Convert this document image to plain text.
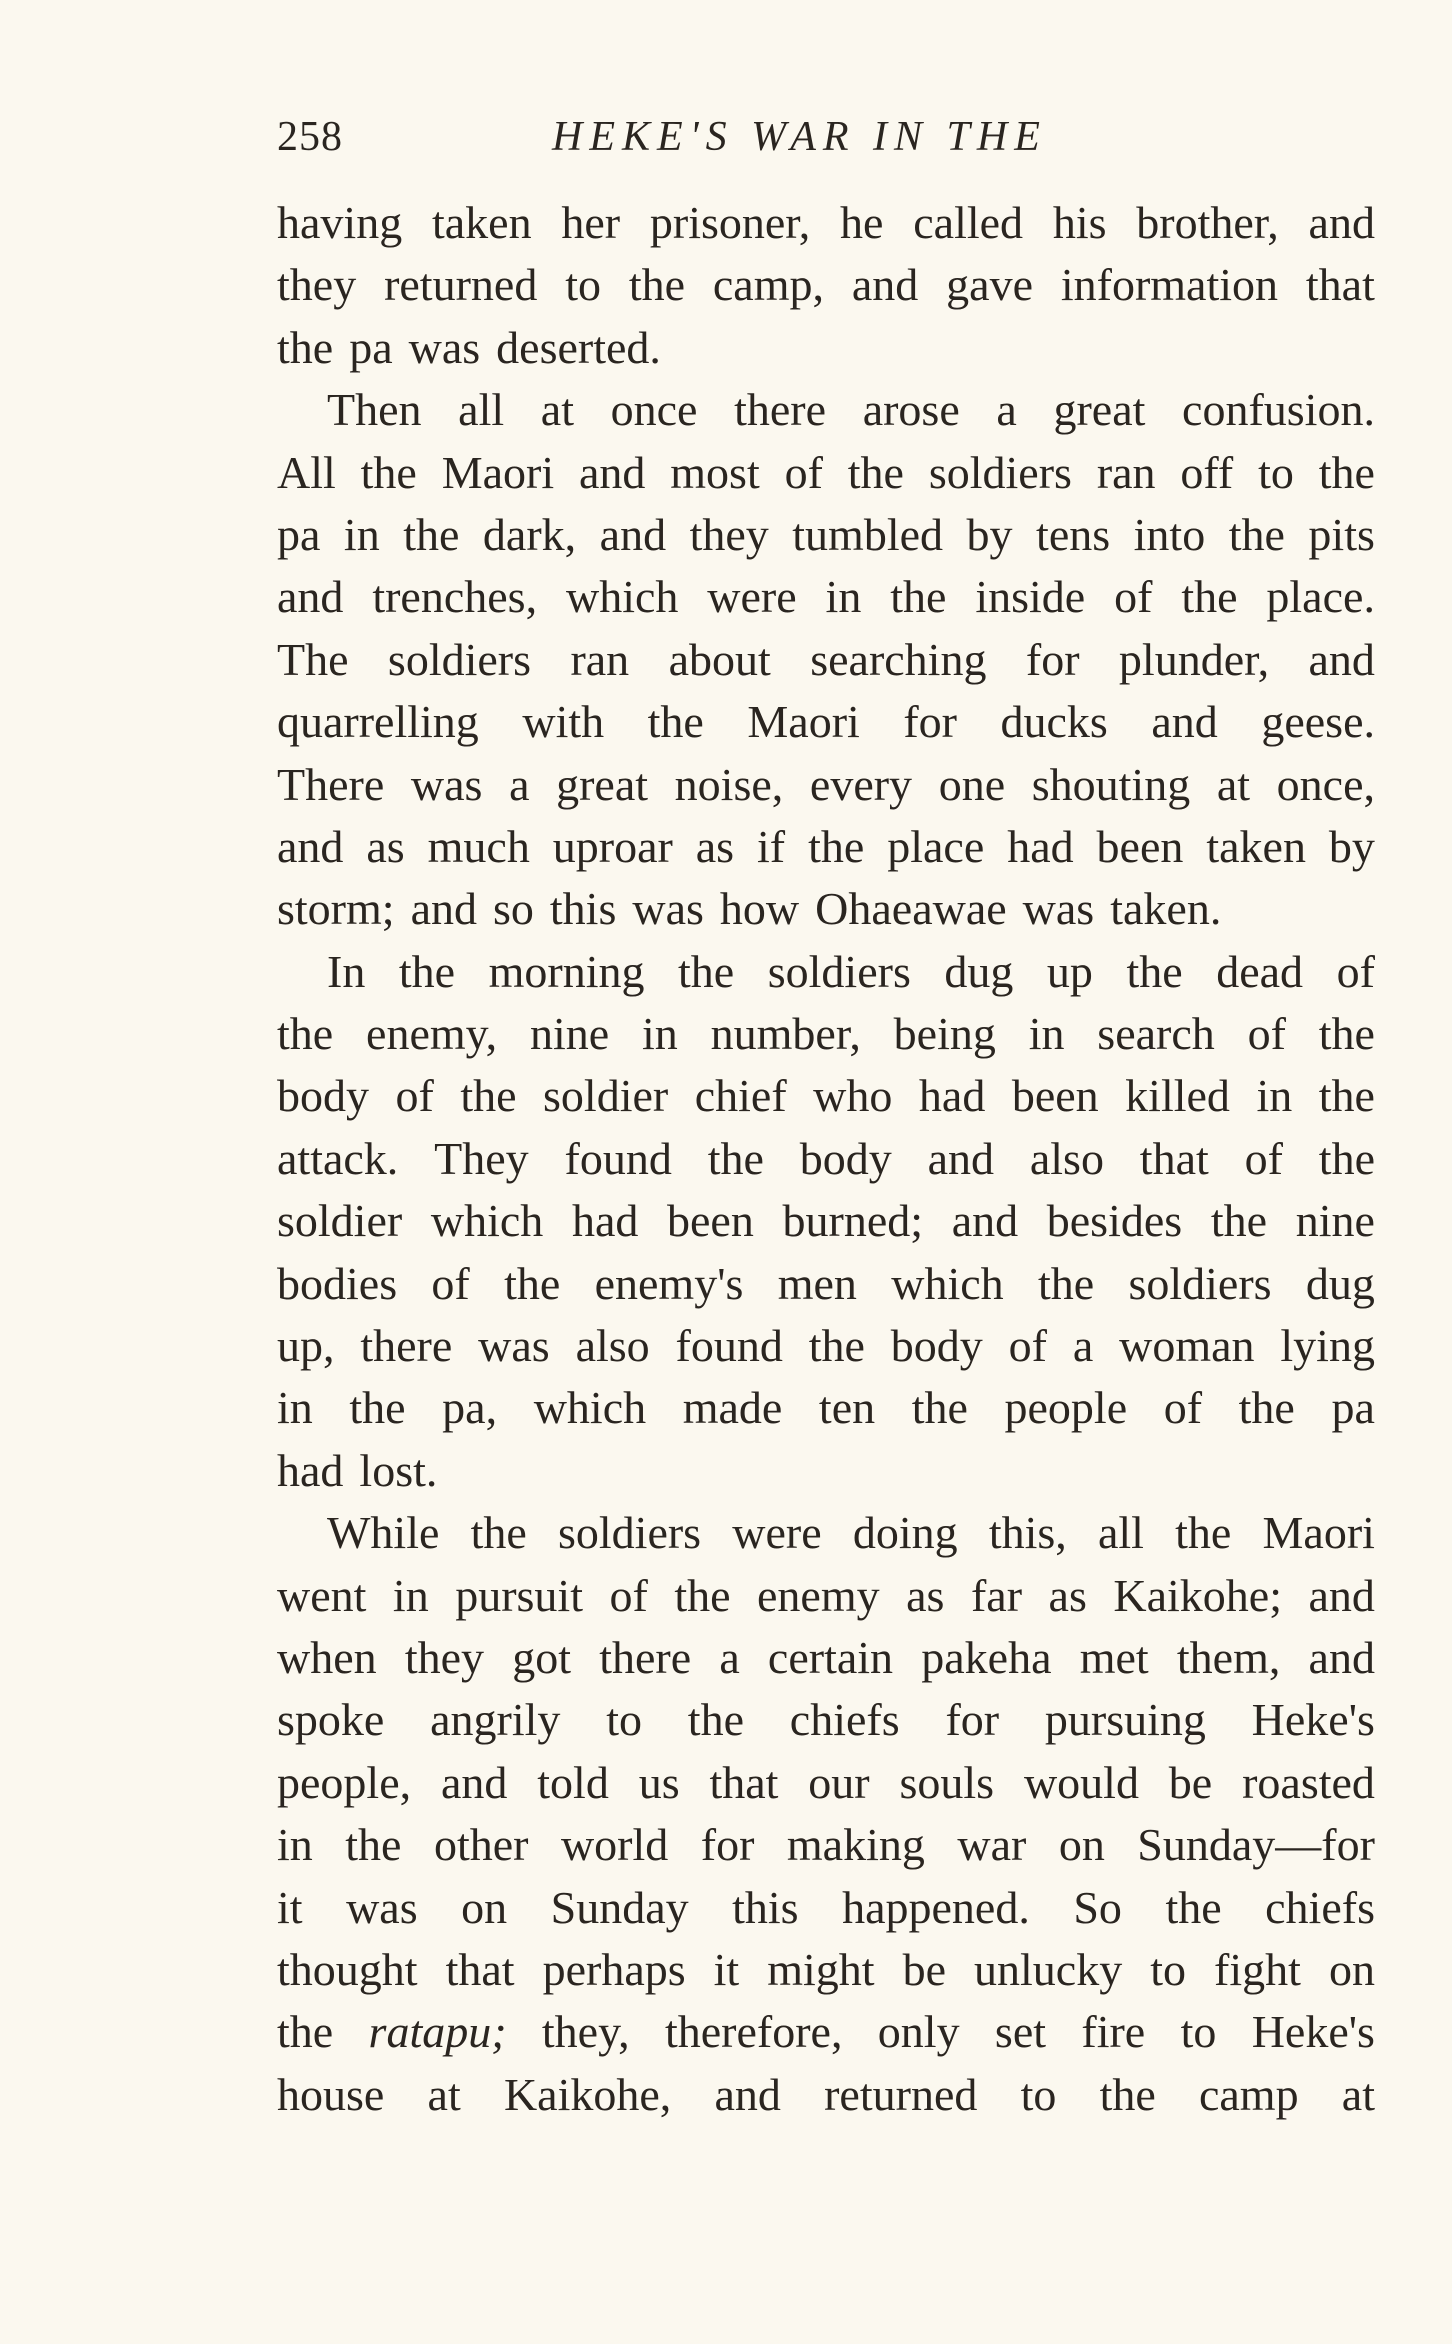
258	HEKE'S WAR IN THE
having taken her prisoner, he called his brother, and
they returned to the camp, and gave information that
the pa was deserted.
Then all at once there arose a great confusion.
All the Maori and most of the soldiers ran off to the
pa in the dark, and they tumbled by tens into the pits
and trenches, which were in the inside of the place.
The soldiers ran about searching for plunder, and
quarrelling with the Maori for ducks and geese.
There was a great noise, every one shouting at once,
and as much uproar as if the place had been taken by
storm; and so this was how Ohaeawae was taken.
In the morning the soldiers dug up the dead of
the enemy, nine in number, being in search of the
body of the soldier chief who had been killed in the
attack. They found the body and also that of the
soldier which had been burned; and besides the nine
bodies of the enemy's men which the soldiers dug
up, there was also found the body of a woman lying
in the pa, which made ten the people of the pa
had lost.
While the soldiers were doing this, all the Maori
went in pursuit of the enemy as far as Kaikohe; and
when they got there a certain pakeha met them, and
spoke angrily to the chiefs for pursuing Heke's
people, and told us that our souls would be roasted
in the other world for making war on Sunday—for
it was on Sunday this happened. So the chiefs
thought that perhaps it might be unlucky to fight on
the ratapu; they, therefore, only set fire to Heke's
house at Kaikohe, and returned to the camp at
